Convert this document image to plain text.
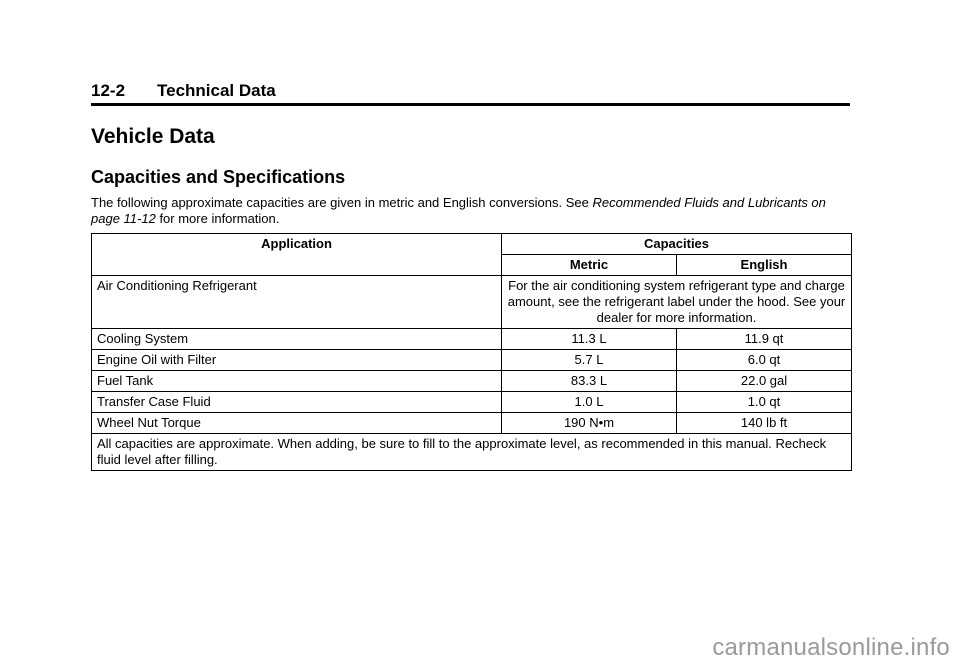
12-2 Technical Data
Vehicle Data
Capacities and Specifications

The following approximate capacities are given in metric and English conversions. See Recommended Fluids and Lubricants on page 11-12 for more information.

Application	Capacities	
	Metric	English
Air Conditioning Refrigerant	For the air conditioning system refrigerant type and charge amount, see the refrigerant label under the hood. See your dealer for more information.	
Cooling System	11.3 L	11.9 qt
Engine Oil with Filter	5.7 L	6.0 qt
Fuel Tank	83.3 L	22.0 gal
Transfer Case Fluid	1.0 L	1.0 qt
Wheel Nut Torque	190 N•m	140 lb ft
All capacities are approximate. When adding, be sure to fill to the approximate level, as recommended in this manual. Recheck fluid level after filling.		
carmanualsonline.info
